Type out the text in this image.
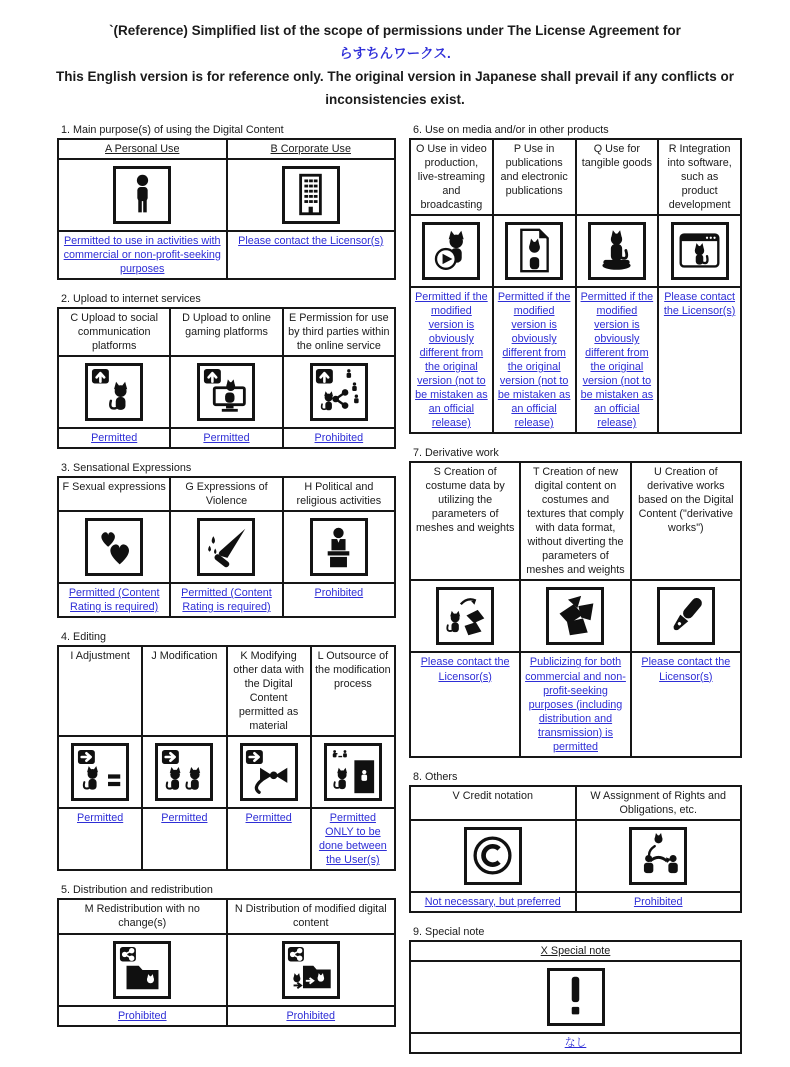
`(Reference) Simplified list of the scope of permissions under The License Agreement for
らすちんワークス.
This English version is for reference only. The original version in Japanese shall prevail if any conflicts or inconsistencies exist.
1. Main purpose(s) of using the Digital Content
A Personal Use	B Corporate Use

Permitted to use in activities with commercial or non-profit-seeking purposes	Please contact the Licensor(s)
2. Upload to internet services
C Upload to social communication platforms	D Upload to online gaming platforms	E Permission for use by third parties within the online service

Permitted	Permitted	Prohibited
3. Sensational Expressions
F Sexual expressions	G Expressions of Violence	H Political and religious activities

Permitted (Content Rating is required)	Permitted (Content Rating is required)	Prohibited
4. Editing
I Adjustment	J Modification	K Modifying other data with the Digital Content permitted as material	L Outsource of the modification process

Permitted	Permitted	Permitted	Permitted ONLY to be done between the User(s)
5. Distribution and redistribution
M Redistribution with no change(s)	N Distribution of modified digital content

Prohibited	Prohibited
6. Use on media and/or in other products
O Use in video production, live-streaming and broadcasting	P Use in publications and electronic publications	Q Use for tangible goods	R Integration into software, such as product development

Permitted if the modified version is obviously different from the original version (not to be mistaken as an official release)	Permitted if the modified version is obviously different from the original version (not to be mistaken as an official release)	Permitted if the modified version is obviously different from the original version (not to be mistaken as an official release)	Please contact the Licensor(s)
7. Derivative work
S Creation of costume data by utilizing the parameters of meshes and weights	T Creation of new digital content on costumes and textures that comply with data format, without diverting the parameters of meshes and weights	U Creation of derivative works based on the Digital Content ("derivative works")

Please contact the Licensor(s)	Publicizing for both commercial and non-profit-seeking purposes (including distribution and transmission) is permitted	Please contact the Licensor(s)
8. Others
V Credit notation	W Assignment of Rights and Obligations, etc.

Not necessary, but preferred	Prohibited
9. Special note
X Special note

なし
